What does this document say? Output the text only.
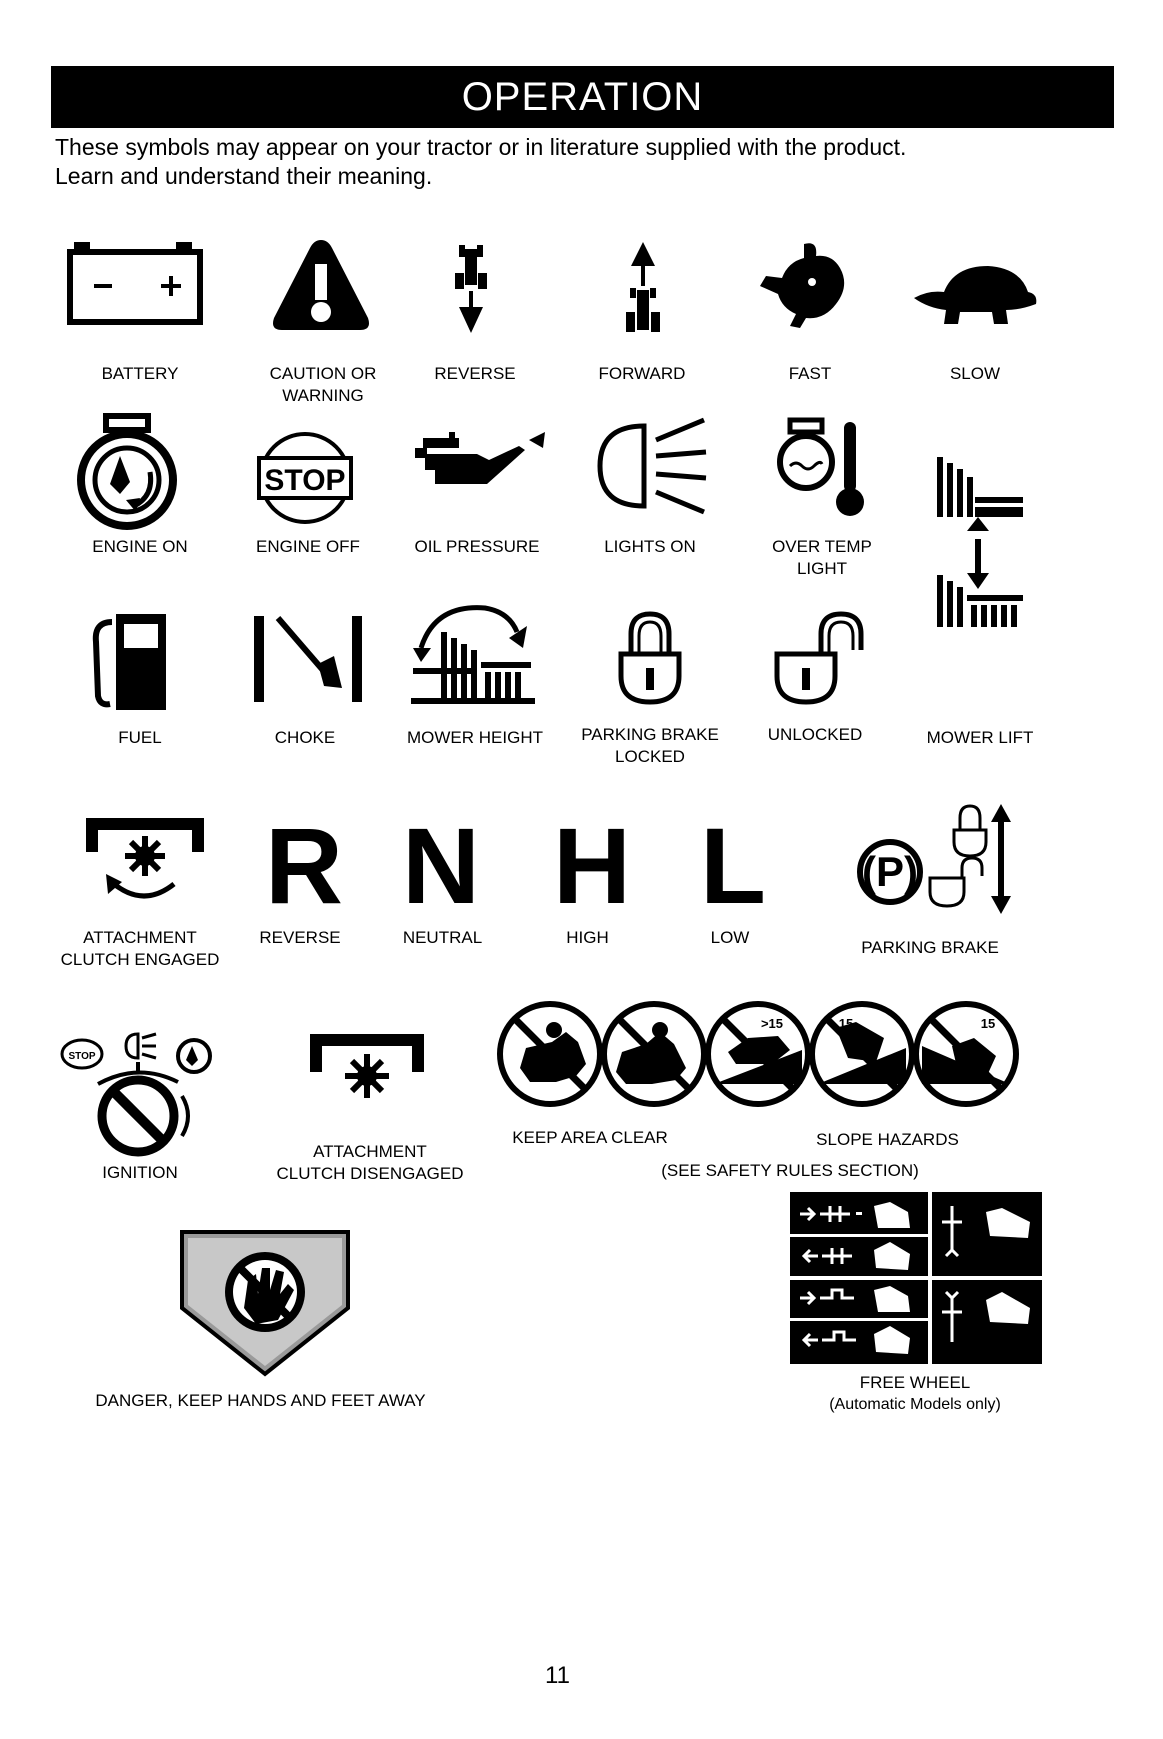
OPERATION
These symbols may appear on your tractor or in literature supplied with the product.
Learn and understand their meaning.
BATTERY	CAUTION OR
WARNING
REVERSE	FORWARD	FAST	SLOW
STOP
ENGINE ON	ENGINE OFF	OIL PRESSURE	LIGHTS ON	OVER TEMP
LIGHT
FUEL	CHOKE	MOWER HEIGHT	PARKING BRAKE
LOCKED
UNLOCKED	MOWER LIFT
R N H L (P)
ATTACHMENT
CLUTCH ENGAGED
REVERSE	NEUTRAL	HIGH	LOW
PARKING BRAKE
STOP
>15	15	15
IGNITION
ATTACHMENT
CLUTCH DISENGAGED
KEEP AREA CLEAR	SLOPE HAZARDS
(SEE SAFETY RULES SECTION)
DANGER, KEEP HANDS AND FEET AWAY
FREE WHEEL
(Automatic Models only)
11
